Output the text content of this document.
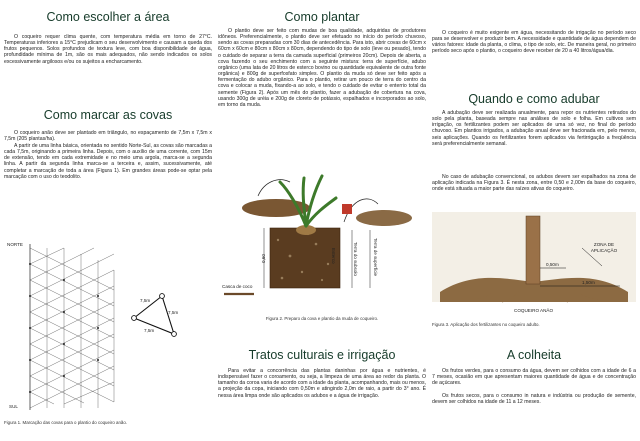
Como escolher a área

O coqueiro requer clima quente, com temperatura média em torno de 27°C. Temperaturas inferiores a 15°C prejudicam o seu desenvolvimento e causam a queda dos frutos pequenos. Solos profundos de textura leve, com boa disponibilidade de água, profundidade mínima de 1m, são os mais adequados, não sendo indicados os solos excessivamente argilosos e/ou os sujeitos a encharcamento.

Como marcar as covas

O coqueiro anão deve ser plantado em triângulo, no espaçamento de 7,5m x 7,5m x 7,5m (205 plantas/ha).

A partir de uma linha básica, orientada no sentido Norte-Sul, as covas são marcadas a cada 7,5m, originando a primeira linha. Depois, com o auxílio de uma corrente, com 15m de extensão, tendo em cada extremidade e no meio uma argola, marca-se a segunda linha. A partir da segunda linha marca-se a terceira e, assim, sucessivamente, até completar a marcação de toda a área (Figura 1). Em grandes áreas pode-se optar pela marcação com o uso do teodolito.

NORTE
SUL
7,5m
7,5m
7,5m
Figura 1. Marcação das covas para o plantio do coqueiro anão.
Como plantar

O plantio deve ser feito com mudas de boa qualidade, adquiridas de produtores idôneos. Preferencialmente, o plantio deve ser efetuado no início do período chuvoso, sendo as covas preparadas com 30 dias de antecedência. Para isto, abrir covas de 60cm x 60cm x 60cm e 80cm x 80cm x 80cm, dependendo do tipo de solo (leve ou pesado), tendo o cuidado de separar a terra da camada superficial (primeiros 20cm). Depois de aberta, a cova fazendo o seu enchimento com a seguinte mistura: terra de superfície, adubo orgânico (uma lata de 20 litros de esterco bovino ou quantidade equivalente de outra fonte orgânica) e 800g de superfosfato simples. O plantio da muda só deve ser feito após a fermentação do adubo orgânico. Para o plantio, retirar um pouco de terra do centro da cova e colocar a muda, fixando-a ao solo, e tendo o cuidado de evitar o enterrio total da semente (Figura 2). Após um mês do plantio, fazer a adubação de cobertura na cova, usando 300g de uréia e 200g de cloreto de potássio, espalhados e incorporados ao solo, em torno da muda.

0,60	Esterco	Terra do subsolo	Terra de superfície
Casca de coco
Figura 2. Preparo da cova e plantio da muda de coqueiro.
Tratos culturais e irrigação

Para evitar a concorrência das plantas daninhas por água e nutrientes, é indispensável fazer o coroamento, ou seja, a limpeza de uma área ao redor da planta. O tamanho da coroa varia de acordo com a idade da planta, acompanhando, mais ou menos, a projeção da copa, iniciando com 0,50m e atingindo 2,0m de raio, a partir do 3° ano. É nessa área limpa onde são aplicados os adubos e a água de irrigação.

O coqueiro é muito exigente em água, necessitando de irrigação no período seco para se desenvolver e produzir bem. A necessidade e quantidade de água dependem de vários fatores: idade da planta, o clima, o tipo de solo, etc. De maneira geral, no primeiro período seco após o plantio, o coqueiro deve receber de 20 a 40 litros/água/dia.

Quando e como adubar

A adubação deve ser realizada anualmente, para repor os nutrientes retirados do solo pela planta, baseada sempre nas análises de solo e folha. Em cultivos sem irrigação, os fertilizantes podem ser aplicados de uma só vez, no final do período chuvoso. Em plantios irrigados, a adubação anual deve ser fracionada em, pelo menos, seis aplicações. Quando os fertilizantes forem aplicados via fertirrigação a freqüência será preferencialmente semanal.

No caso de adubação convencional, os adubos devem ser espalhados na zona de aplicação indicada na Figura 3. É nesta zona, entre 0,50 e 2,00m da base do coqueiro, onde está situada a maior parte das raízes ativas do coqueiro.

ZONA DE APLICAÇÃO
0,50m
1,50m
COQUEIRO ANÃO
Figura 3. Aplicação dos fertilizantes no coqueiro adulto.
A colheita

Os frutos verdes, para o consumo da água, devem ser colhidos com a idade de 6 a 7 meses, ocasião em que apresentam maiores quantidade de água e de concentração de açúcares.

Os frutos secos, para o consumo in natura e indústria ou produção de semente, devem ser colhidos na idade de 11 a 12 meses.
